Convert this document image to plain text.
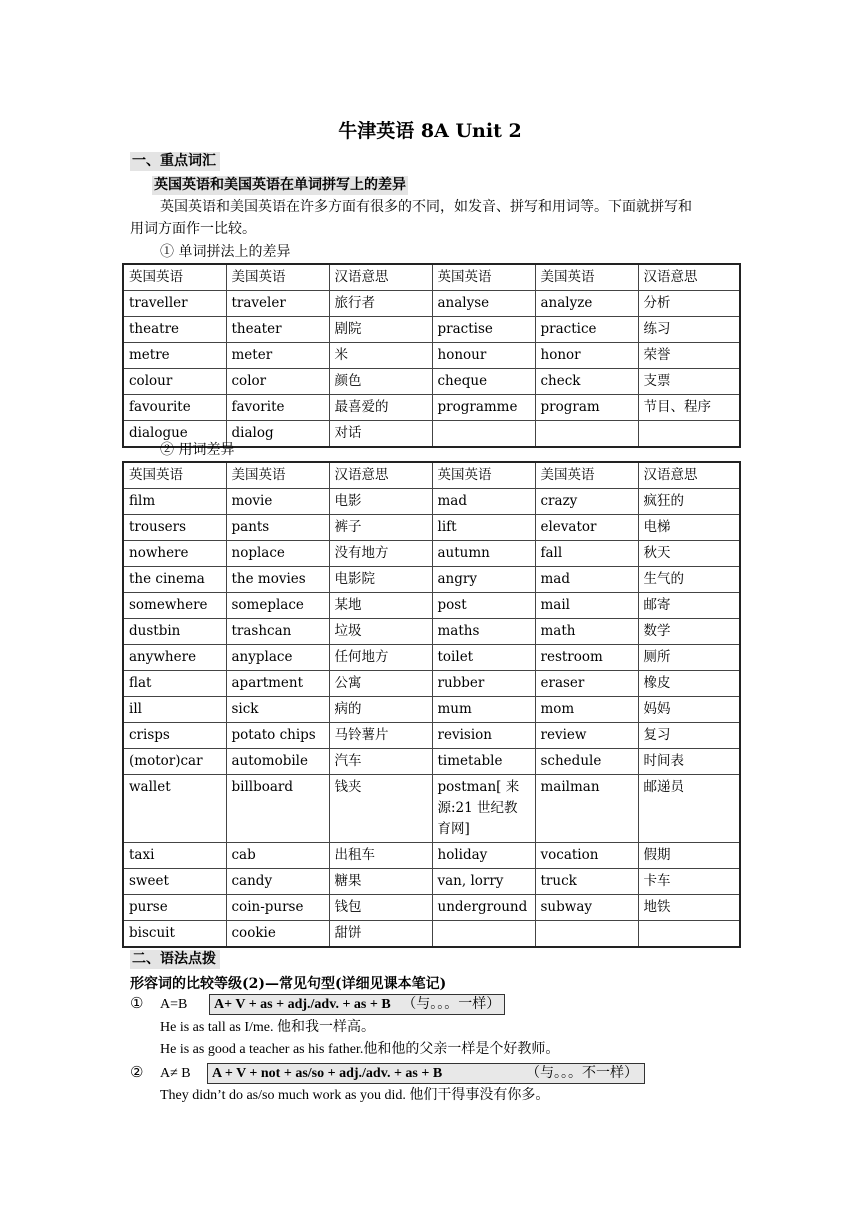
牛津英语 8A Unit 2
一、重点词汇
英国英语和美国英语在单词拼写上的差异
英国英语和美国英语在许多方面有很多的不同，如发音、拼写和用词等。下面就拼写和
用词方面作一比较。
① 单词拼法上的差异
英国英语	美国英语	汉语意思	英国英语	美国英语	汉语意思
traveller	traveler	旅行者	analyse	analyze	分析
theatre	theater	剧院	practise	practice	练习
metre	meter	米	honour	honor	荣誉
colour	color	颜色	cheque	check	支票
favourite	favorite	最喜爱的	programme	program	节目、程序
dialogue	dialog	对话			
② 用词差异
英国英语	美国英语	汉语意思	英国英语	美国英语	汉语意思
film	movie	电影	mad	crazy	疯狂的
trousers	pants	裤子	lift	elevator	电梯
nowhere	noplace	没有地方	autumn	fall	秋天
the cinema	the movies	电影院	angry	mad	生气的
somewhere	someplace	某地	post	mail	邮寄
dustbin	trashcan	垃圾	maths	math	数学
anywhere	anyplace	任何地方	toilet	restroom	厕所
flat	apartment	公寓	rubber	eraser	橡皮
ill	sick	病的	mum	mom	妈妈
crisps	potato chips	马铃薯片	revision	review	复习
(motor)car	automobile	汽车	timetable	schedule	时间表
wallet	billboard	钱夹	postman[ 来源:21 世纪教育网]	mailman	邮递员
taxi	cab	出租车	holiday	vocation	假期
sweet	candy	糖果	van, lorry	truck	卡车
purse	coin-purse	钱包	underground	subway	地铁
biscuit	cookie	甜饼			
二、语法点拨
形容词的比较等级(2)—常见句型(详细见课本笔记)
① A=B	A+ V + as + adj./adv. + as + B （与。。。一样）
He is as tall as I/me. 他和我一样高。
He is as good a teacher as his father.他和他的父亲一样是个好教师。
② A≠ B	A + V + not + as/so + adj./adv. + as + B	（与。。。不一样）
They didn’t do as/so much work as you did. 他们干得事没有你多。
